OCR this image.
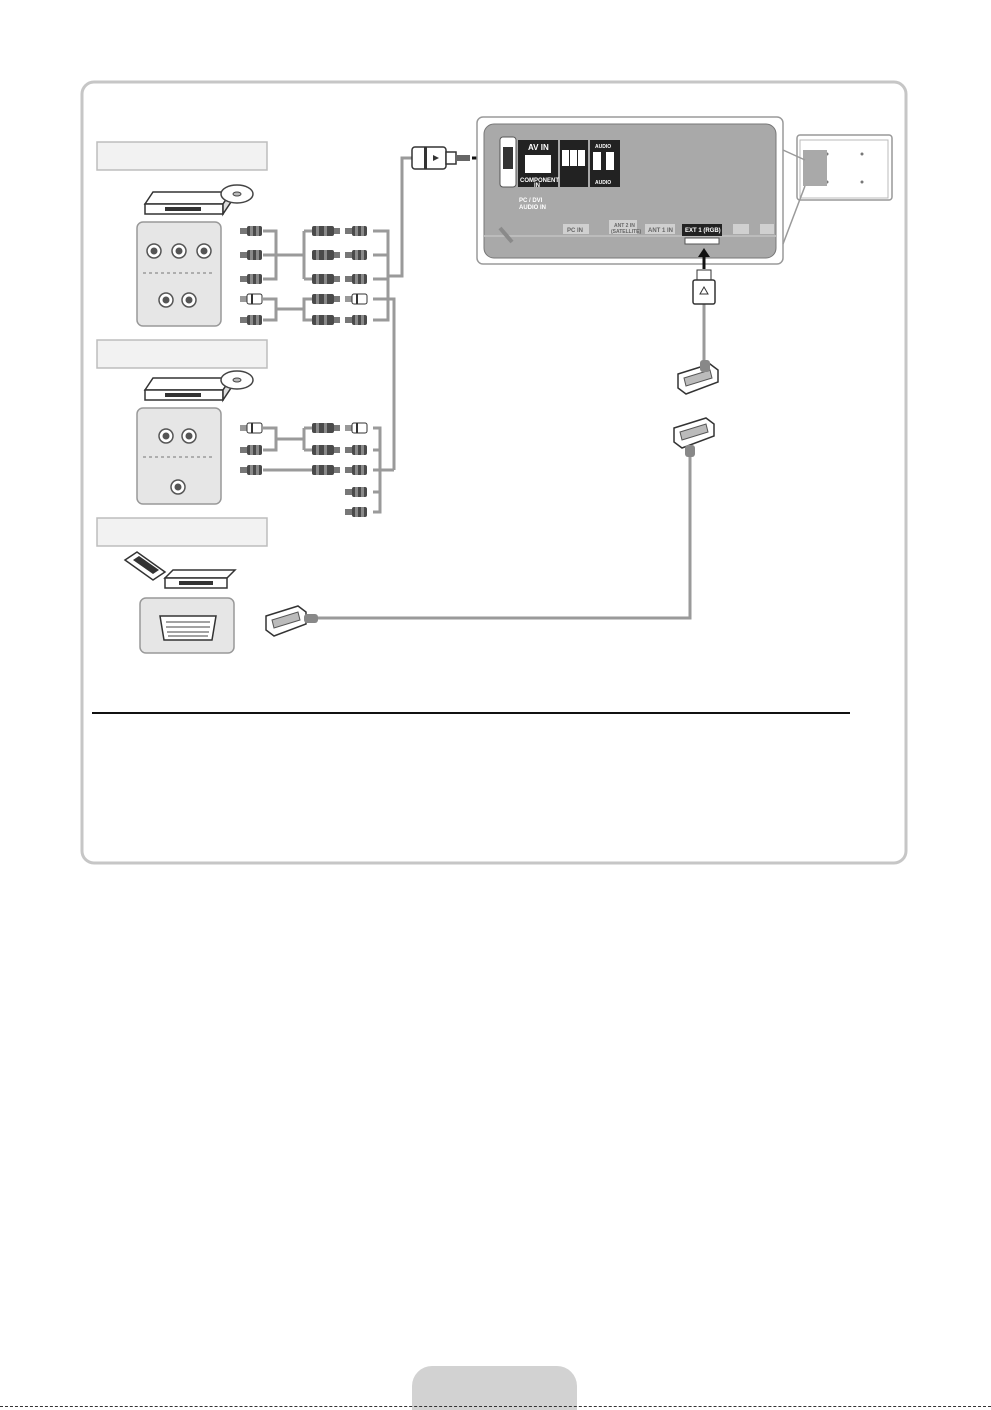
AV IN
COMPONENT IN
AUDIO
AUDIO
PC / DVI AUDIO IN
PC IN
ANT 2 IN (SATELLITE) ANT 1 IN EXT 1 (RGB)
